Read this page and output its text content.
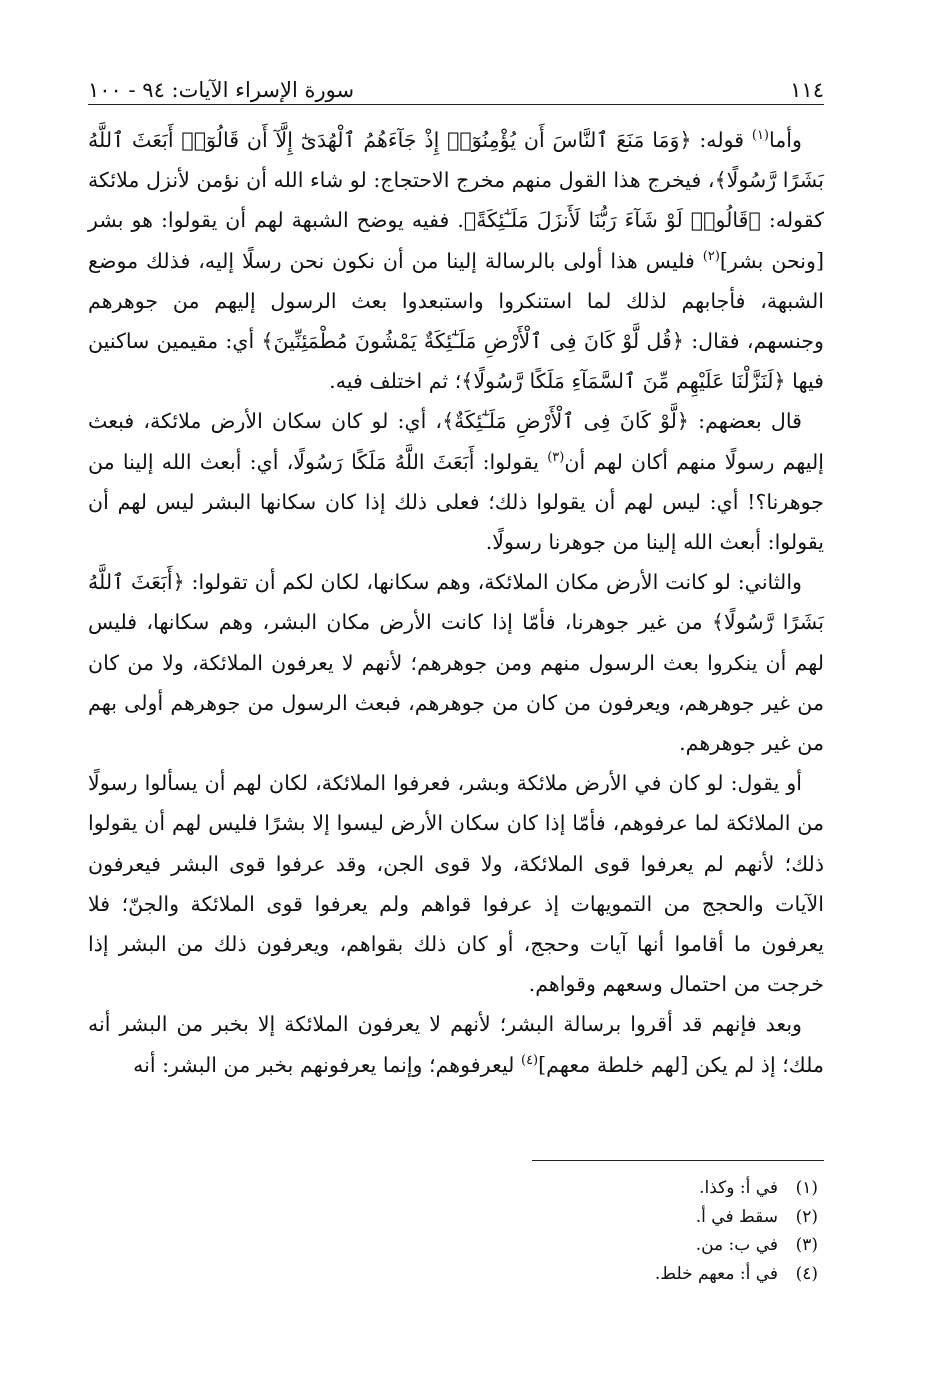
١١٤
سورة الإسراء الآيات: ٩٤ - ١٠٠

وأما$^{(١)}$ قوله: ﴿وَمَا مَنَعَ ٱلنَّاسَ أَن يُؤْمِنُوٓا۟ إِذْ جَآءَهُمُ ٱلْهُدَىٰٓ إِلَّآ أَن قَالُوٓا۟ أَبَعَثَ ٱللَّهُ بَشَرًا رَّسُولًا﴾، فيخرج هذا القول منهم مخرج الاحتجاج: لو شاء الله أن نؤمن لأنزل ملائكة كقوله: ﴿قَالُوا۟ لَوْ شَآءَ رَبُّنَا لَأَنزَلَ مَلَـٰٓئِكَةً﴾. ففيه يوضح الشبهة لهم أن يقولوا: هو بشر [ونحن بشر]$^{(٢)}$ فليس هذا أولى بالرسالة إلينا من أن نكون نحن رسلًا إليه، فذلك موضع الشبهة، فأجابهم لذلك لما استنكروا واستبعدوا بعث الرسول إليهم من جوهرهم وجنسهم، فقال: ﴿قُل لَّوْ كَانَ فِى ٱلْأَرْضِ مَلَـٰٓئِكَةٌ يَمْشُونَ مُطْمَئِنِّينَ﴾ أي: مقيمين ساكنين فيها ﴿لَنَزَّلْنَا عَلَيْهِم مِّنَ ٱلسَّمَآءِ مَلَكًا رَّسُولًا﴾؛ ثم اختلف فيه.

قال بعضهم: ﴿لَّوْ كَانَ فِى ٱلْأَرْضِ مَلَـٰٓئِكَةٌ﴾، أي: لو كان سكان الأرض ملائكة، فبعث إليهم رسولًا منهم أكان لهم أن$^{(٣)}$ يقولوا: أَبَعَثَ اللَّهُ مَلَكًا رَسُولًا، أي: أبعث الله إلينا من جوهرنا؟! أي: ليس لهم أن يقولوا ذلك؛ فعلى ذلك إذا كان سكانها البشر ليس لهم أن يقولوا: أبعث الله إلينا من جوهرنا رسولًا.

والثاني: لو كانت الأرض مكان الملائكة، وهم سكانها، لكان لكم أن تقولوا: ﴿أَبَعَثَ ٱللَّهُ بَشَرًا رَّسُولًا﴾ من غير جوهرنا، فأمّا إذا كانت الأرض مكان البشر، وهم سكانها، فليس لهم أن ينكروا بعث الرسول منهم ومن جوهرهم؛ لأنهم لا يعرفون الملائكة، ولا من كان من غير جوهرهم، ويعرفون من كان من جوهرهم، فبعث الرسول من جوهرهم أولى بهم من غير جوهرهم.

أو يقول: لو كان في الأرض ملائكة وبشر، فعرفوا الملائكة، لكان لهم أن يسألوا رسولًا من الملائكة لما عرفوهم، فأمّا إذا كان سكان الأرض ليسوا إلا بشرًا فليس لهم أن يقولوا ذلك؛ لأنهم لم يعرفوا قوى الملائكة، ولا قوى الجن، وقد عرفوا قوى البشر فيعرفون الآيات والحجج من التمويهات إذ عرفوا قواهم ولم يعرفوا قوى الملائكة والجنّ؛ فلا يعرفون ما أقاموا أنها آيات وحجج، أو كان ذلك بقواهم، ويعرفون ذلك من البشر إذا خرجت من احتمال وسعهم وقواهم.

وبعد فإنهم قد أقروا برسالة البشر؛ لأنهم لا يعرفون الملائكة إلا بخبر من البشر أنه ملك؛ إذ لم يكن [لهم خلطة معهم]$^{(٤)}$ ليعرفوهم؛ وإنما يعرفونهم بخبر من البشر: أنه

(١)
في أ: وكذا.
(٢)
سقط في أ.
(٣)
في ب: من.
(٤)
في أ: معهم خلط.
